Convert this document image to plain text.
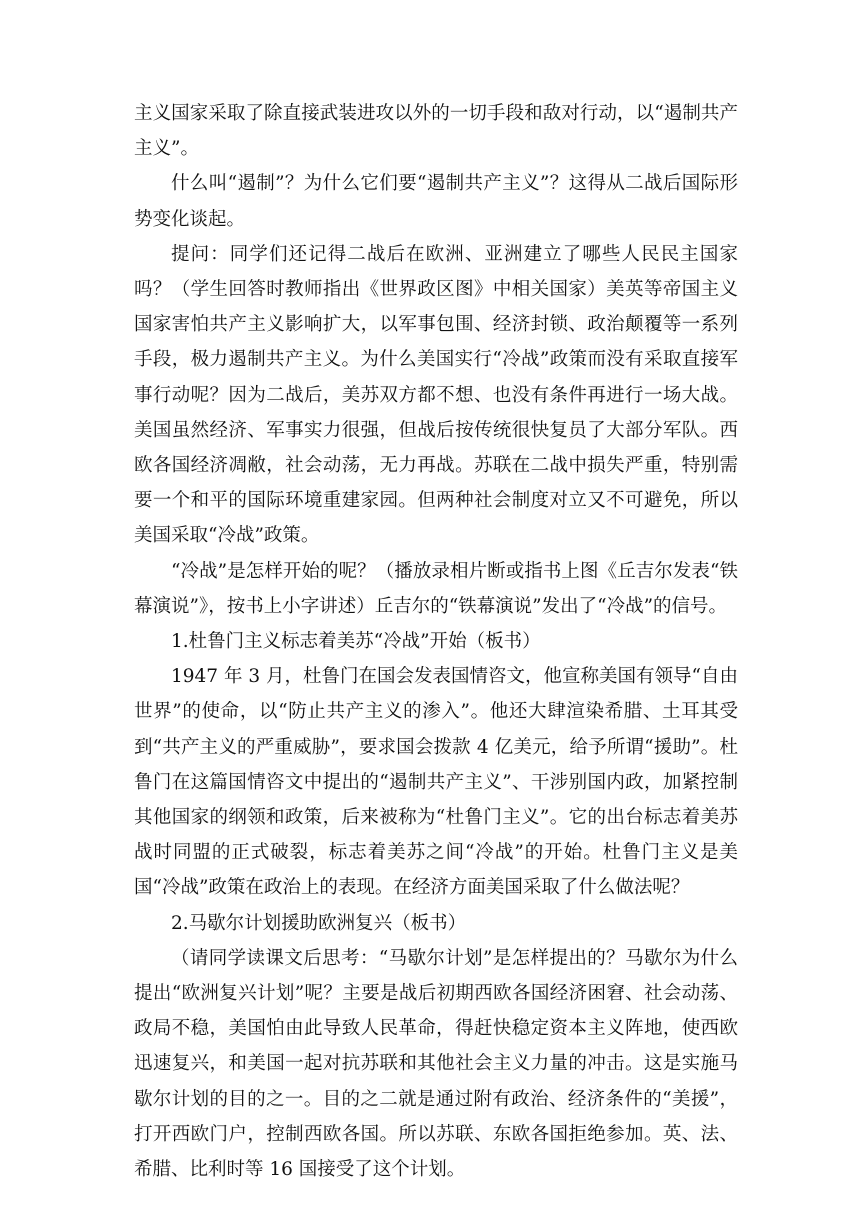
主义国家采取了除直接武装进攻以外的一切手段和敌对行动，以“遏制共产主义”。

什么叫“遏制”？为什么它们要“遏制共产主义”？这得从二战后国际形势变化谈起。

提问：同学们还记得二战后在欧洲、亚洲建立了哪些人民民主国家吗？（学生回答时教师指出《世界政区图》中相关国家）美英等帝国主义国家害怕共产主义影响扩大，以军事包围、经济封锁、政治颠覆等一系列手段，极力遏制共产主义。为什么美国实行“冷战”政策而没有采取直接军事行动呢？因为二战后，美苏双方都不想、也没有条件再进行一场大战。美国虽然经济、军事实力很强，但战后按传统很快复员了大部分军队。西欧各国经济凋敝，社会动荡，无力再战。苏联在二战中损失严重，特别需要一个和平的国际环境重建家园。但两种社会制度对立又不可避免，所以美国采取“冷战”政策。

“冷战”是怎样开始的呢？（播放录相片断或指书上图《丘吉尔发表“铁幕演说”》，按书上小字讲述）丘吉尔的“铁幕演说”发出了“冷战”的信号。

1.杜鲁门主义标志着美苏“冷战”开始（板书）

1947 年 3 月，杜鲁门在国会发表国情咨文，他宣称美国有领导“自由世界”的使命，以“防止共产主义的渗入”。他还大肆渲染希腊、土耳其受到“共产主义的严重威胁”，要求国会拨款 4 亿美元，给予所谓“援助”。杜鲁门在这篇国情咨文中提出的“遏制共产主义”、干涉别国内政，加紧控制其他国家的纲领和政策，后来被称为“杜鲁门主义”。它的出台标志着美苏战时同盟的正式破裂，标志着美苏之间“冷战”的开始。杜鲁门主义是美国“冷战”政策在政治上的表现。在经济方面美国采取了什么做法呢？

2.马歇尔计划援助欧洲复兴（板书）

（请同学读课文后思考：“马歇尔计划”是怎样提出的？马歇尔为什么提出“欧洲复兴计划”呢？主要是战后初期西欧各国经济困窘、社会动荡、政局不稳，美国怕由此导致人民革命，得赶快稳定资本主义阵地，使西欧迅速复兴，和美国一起对抗苏联和其他社会主义力量的冲击。这是实施马歇尔计划的目的之一。目的之二就是通过附有政治、经济条件的“美援”，打开西欧门户，控制西欧各国。所以苏联、东欧各国拒绝参加。英、法、希腊、比利时等 16 国接受了这个计划。
